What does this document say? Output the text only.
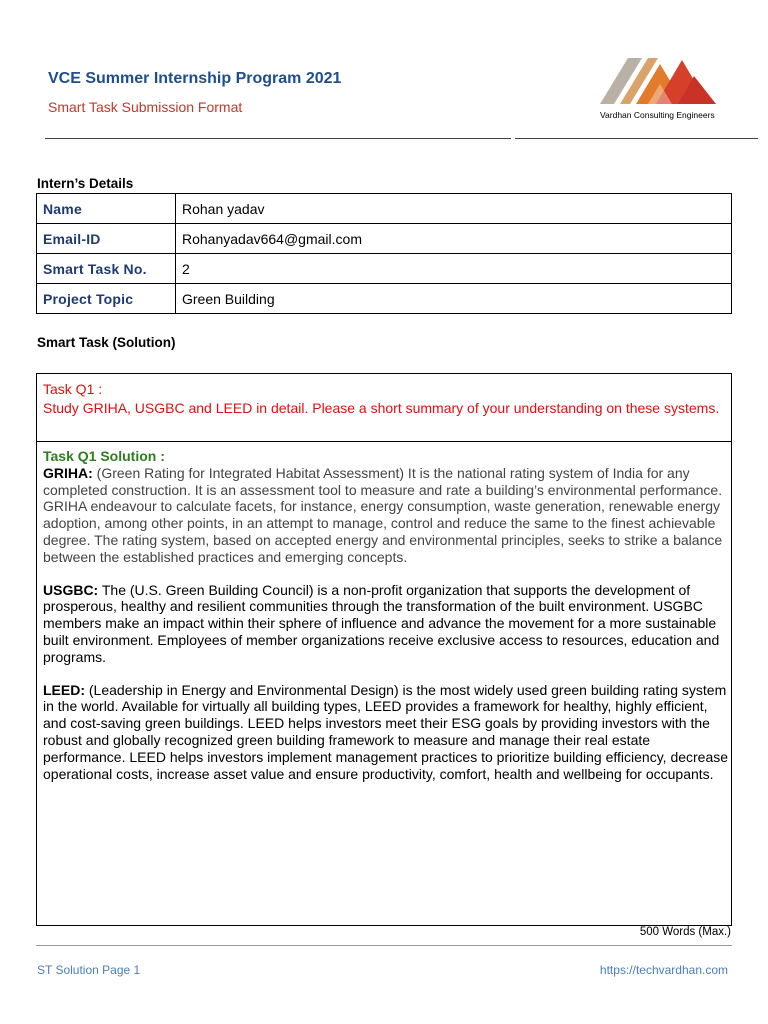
VCE Summer Internship Program 2021
Smart Task Submission Format	Vardhan Consulting Engineers
Intern’s Details
Name	Rohan yadav
Email-ID	Rohanyadav664@gmail.com
Smart Task No.	2
Project Topic	Green Building
Smart Task (Solution)
Task Q1 :
Study GRIHA, USGBC and LEED in detail. Please a short summary of your understanding on these systems.
Task Q1 Solution :

GRIHA: (Green Rating for Integrated Habitat Assessment) It is the national rating system of India for any completed construction. It is an assessment tool to measure and rate a building’s environmental performance. GRIHA endeavour to calculate facets, for instance, energy consumption, waste generation, renewable energy adoption, among other points, in an attempt to manage, control and reduce the same to the finest achievable degree. The rating system, based on accepted energy and environmental principles, seeks to strike a balance between the established practices and emerging concepts.

USGBC: The (U.S. Green Building Council) is a non-profit organization that supports the development of prosperous, healthy and resilient communities through the transformation of the built environment. USGBC members make an impact within their sphere of influence and advance the movement for a more sustainable built environment. Employees of member organizations receive exclusive access to resources, education and programs.

LEED: (Leadership in Energy and Environmental Design) is the most widely used green building rating system in the world. Available for virtually all building types, LEED provides a framework for healthy, highly efficient, and cost-saving green buildings. LEED helps investors meet their ESG goals by providing investors with the robust and globally recognized green building framework to measure and manage their real estate performance. LEED helps investors implement management practices to prioritize building efficiency, decrease operational costs, increase asset value and ensure productivity, comfort, health and wellbeing for occupants.

500 Words (Max.)
ST Solution Page 1	https://techvardhan.com
